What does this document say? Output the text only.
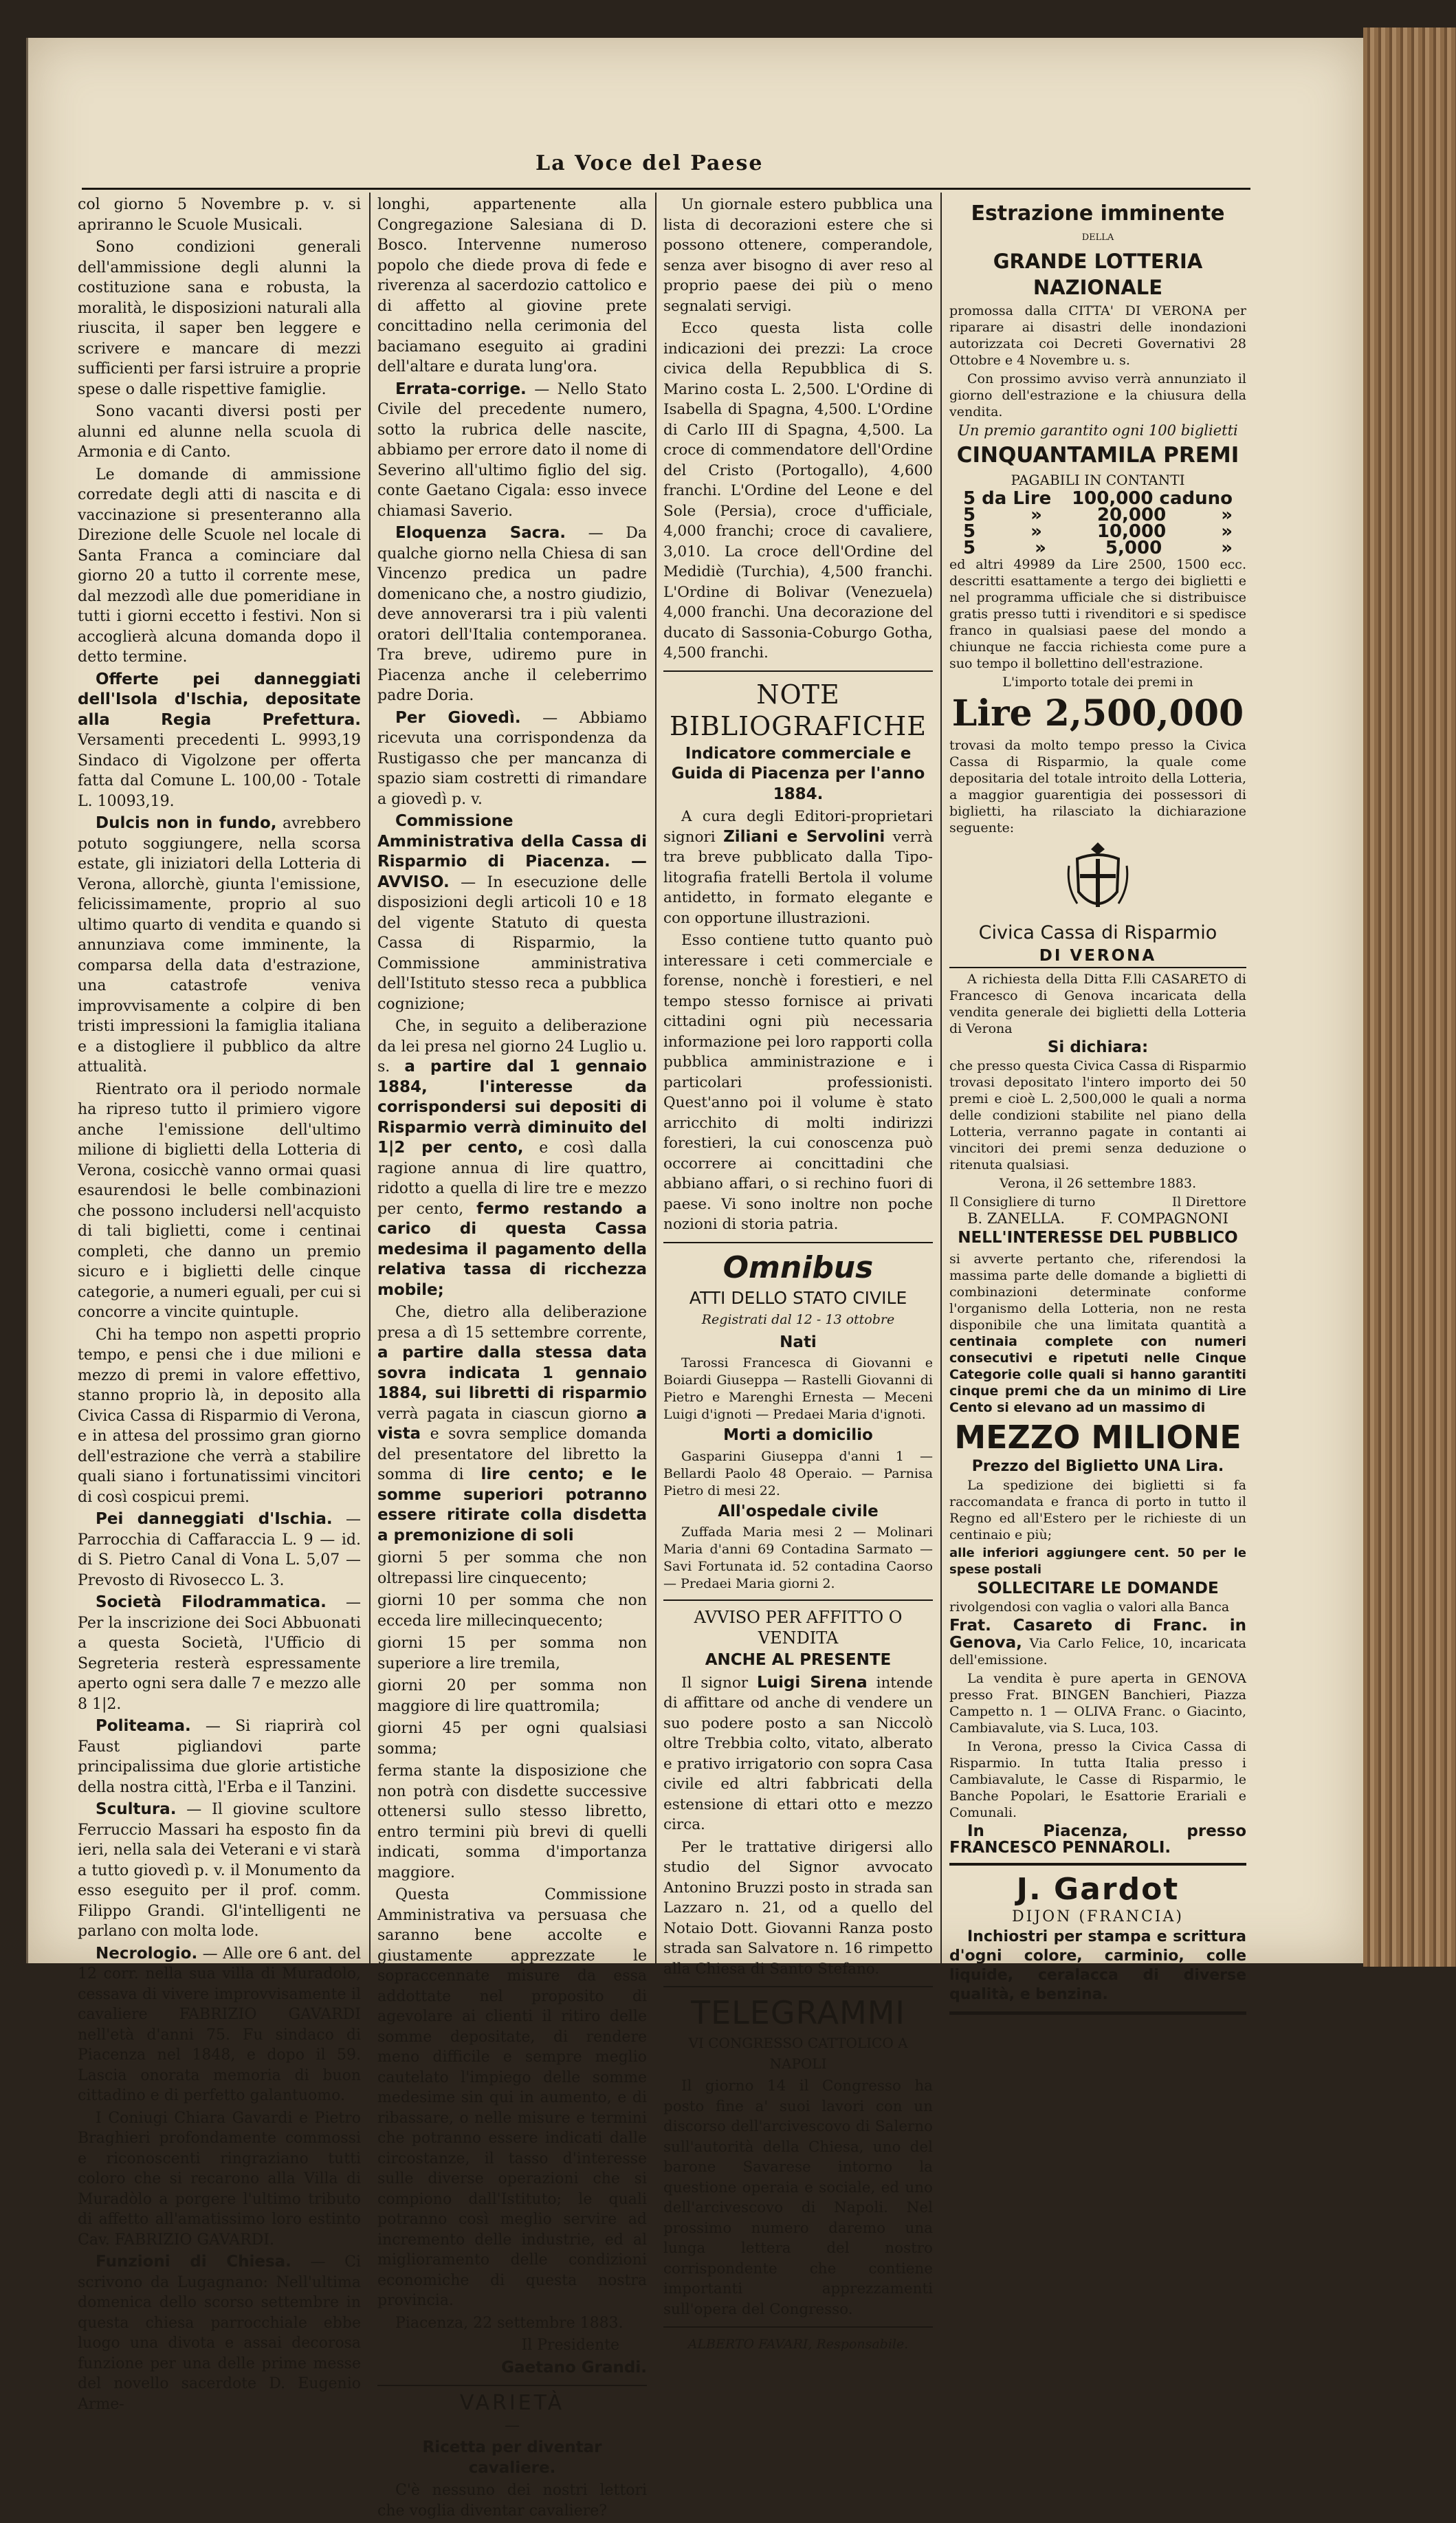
La Voce del Paese

col giorno 5 Novembre p. v. si apriranno le Scuole Musicali.

Sono condizioni generali dell'ammissione degli alunni la costituzione sana e robusta, la moralità, le disposizioni naturali alla riuscita, il saper ben leggere e scrivere e mancare di mezzi sufficienti per farsi istruire a proprie spese o dalle rispettive famiglie.

Sono vacanti diversi posti per alunni ed alunne nella scuola di Armonia e di Canto.

Le domande di ammissione corredate degli atti di nascita e di vaccinazione si presenteranno alla Direzione delle Scuole nel locale di Santa Franca a cominciare dal giorno 20 a tutto il corrente mese, dal mezzodì alle due pomeridiane in tutti i giorni eccetto i festivi. Non si accoglierà alcuna domanda dopo il detto termine.

Offerte pei danneggiati dell'Isola d'Ischia, depositate alla Regia Prefettura. Versamenti precedenti L. 9993,19 Sindaco di Vigolzone per offerta fatta dal Comune L. 100,00 - Totale L. 10093,19.

Dulcis non in fundo, avrebbero potuto soggiungere, nella scorsa estate, gli iniziatori della Lotteria di Verona, allorchè, giunta l'emissione, felicissimamente, proprio al suo ultimo quarto di vendita e quando si annunziava come imminente, la comparsa della data d'estrazione, una catastrofe veniva improvvisamente a colpire di ben tristi impressioni la famiglia italiana e a distogliere il pubblico da altre attualità.

Rientrato ora il periodo normale ha ripreso tutto il primiero vigore anche l'emissione dell'ultimo milione di biglietti della Lotteria di Verona, cosicchè vanno ormai quasi esaurendosi le belle combinazioni che possono includersi nell'acquisto di tali biglietti, come i centinai completi, che danno un premio sicuro e i biglietti delle cinque categorie, a numeri eguali, per cui si concorre a vincite quintuple.

Chi ha tempo non aspetti proprio tempo, e pensi che i due milioni e mezzo di premi in valore effettivo, stanno proprio là, in deposito alla Civica Cassa di Risparmio di Verona, e in attesa del prossimo gran giorno dell'estrazione che verrà a stabilire quali siano i fortunatissimi vincitori di così cospicui premi.

Pei danneggiati d'Ischia. — Parrocchia di Caffaraccia L. 9 — id. di S. Pietro Canal di Vona L. 5,07 — Prevosto di Rivosecco L. 3.

Società Filodrammatica. — Per la inscrizione dei Soci Abbuonati a questa Società, l'Ufficio di Segreteria resterà espressamente aperto ogni sera dalle 7 e mezzo alle 8 1|2.

Politeama. — Si riaprirà col Faust pigliandovi parte principalissima due glorie artistiche della nostra città, l'Erba e il Tanzini.

Scultura. — Il giovine scultore Ferruccio Massari ha esposto fin da ieri, nella sala dei Veterani e vi starà a tutto giovedì p. v. il Monumento da esso eseguito per il prof. comm. Filippo Grandi. Gl'intelligenti ne parlano con molta lode.

Necrologio. — Alle ore 6 ant. del 12 corr. nella sua villa di Muradolo, cessava di vivere improvvisamente il cavaliere FABRIZIO GAVARDI nell'età d'anni 75. Fu sindaco di Piacenza nel 1848, e dopo il 59. Lascia onorata memoria di buon cittadino e di perfetto galantuomo.

I Coniugi Chiara Gavardi e Pietro Braghieri profondamente commossi e riconoscenti ringraziano tutti coloro che si recarono alla Villa di Muradòlo a porgere l'ultimo tributo di affetto all'amatissimo loro estinto Cav. FABRIZIO GAVARDI.

Funzioni di Chiesa. — Ci scrivono da Lugagnano: Nell'ultima domenica dello scorso settembre in questa chiesa parrocchiale ebbe luogo una divota e assai decorosa funzione per una delle prime messe del novello sacerdote D. Eugenio Arme-

longhi, appartenente alla Congregazione Salesiana di D. Bosco. Intervenne numeroso popolo che diede prova di fede e riverenza al sacerdozio cattolico e di affetto al giovine prete concittadino nella cerimonia del baciamano eseguito ai gradini dell'altare e durata lung'ora.

Errata-corrige. — Nello Stato Civile del precedente numero, sotto la rubrica delle nascite, abbiamo per errore dato il nome di Severino all'ultimo figlio del sig. conte Gaetano Cigala: esso invece chiamasi Saverio.

Eloquenza Sacra. — Da qualche giorno nella Chiesa di san Vincenzo predica un padre domenicano che, a nostro giudizio, deve annoverarsi tra i più valenti oratori dell'Italia contemporanea. Tra breve, udiremo pure in Piacenza anche il celeberrimo padre Doria.

Per Giovedì. — Abbiamo ricevuta una corrispondenza da Rustigasso che per mancanza di spazio siam costretti di rimandare a giovedì p. v.

Commissione Amministrativa della Cassa di Risparmio di Piacenza. — AVVISO. — In esecuzione delle disposizioni degli articoli 10 e 18 del vigente Statuto di questa Cassa di Risparmio, la Commissione amministrativa dell'Istituto stesso reca a pubblica cognizione;

Che, in seguito a deliberazione da lei presa nel giorno 24 Luglio u. s. a partire dal 1 gennaio 1884, l'interesse da corrispondersi sui depositi di Risparmio verrà diminuito del 1|2 per cento, e così dalla ragione annua di lire quattro, ridotto a quella di lire tre e mezzo per cento, fermo restando a carico di questa Cassa medesima il pagamento della relativa tassa di ricchezza mobile;

Che, dietro alla deliberazione presa a dì 15 settembre corrente, a partire dalla stessa data sovra indicata 1 gennaio 1884, sui libretti di risparmio verrà pagata in ciascun giorno a vista e sovra semplice domanda del presentatore del libretto la somma di lire cento; e le somme superiori potranno essere ritirate colla disdetta a premonizione di soli

giorni 5 per somma che non oltrepassi lire cinquecento;

giorni 10 per somma che non ecceda lire millecinquecento;

giorni 15 per somma non superiore a lire tremila,

giorni 20 per somma non maggiore di lire quattromila;

giorni 45 per ogni qualsiasi somma;

ferma stante la disposizione che non potrà con disdette successive ottenersi sullo stesso libretto, entro termini più brevi di quelli indicati, somma d'importanza maggiore.

Questa Commissione Amministrativa va persuasa che saranno bene accolte e giustamente apprezzate le sopraccennate misure da essa addottate nel proposito di agevolare ai clienti il ritiro delle somme depositate, di rendere meno difficile e sempre meglio cautelato l'impiego delle somme medesime sin qui in aumento, e di ribassare, o nelle misure e termini che potranno essere indicati dalle circostanze, il tasso d'interesse sulle diverse operazioni che si compiono dall'Istituto; le quali potranno così meglio servire ad incremento delle industrie, ed al miglioramento delle condizioni economiche di questa nostra provincia.

Piacenza, 22 settembre 1883.

Il Presidente

Gaetano Grandi.

VARIETÀ

—

Ricetta per diventar cavaliere.

C'è nessuno dei nostri lettori che voglia diventar cavaliere?

Un giornale estero pubblica una lista di decorazioni estere che si possono ottenere, comperandole, senza aver bisogno di aver reso al proprio paese dei più o meno segnalati servigi.

Ecco questa lista colle indicazioni dei prezzi: La croce civica della Repubblica di S. Marino costa L. 2,500. L'Ordine di Isabella di Spagna, 4,500. L'Ordine di Carlo III di Spagna, 4,500. La croce di commendatore dell'Ordine del Cristo (Portogallo), 4,600 franchi. L'Ordine del Leone e del Sole (Persia), croce d'ufficiale, 4,000 franchi; croce di cavaliere, 3,010. La croce dell'Ordine del Medidiè (Turchia), 4,500 franchi. L'Ordine di Bolivar (Venezuela) 4,000 franchi. Una decorazione del ducato di Sassonia-Coburgo Gotha, 4,500 franchi.

NOTE BIBLIOGRAFICHE

Indicatore commerciale e Guida di Piacenza per l'anno 1884.

A cura degli Editori-proprietari signori Ziliani e Servolini verrà tra breve pubblicato dalla Tipo-litografia fratelli Bertola il volume antidetto, in formato elegante e con opportune illustrazioni.

Esso contiene tutto quanto può interessare i ceti commerciale e forense, nonchè i forestieri, e nel tempo stesso fornisce ai privati cittadini ogni più necessaria informazione pei loro rapporti colla pubblica amministrazione e i particolari professionisti. Quest'anno poi il volume è stato arricchito di molti indirizzi forestieri, la cui conoscenza può occorrere ai concittadini che abbiano affari, o si rechino fuori di paese. Vi sono inoltre non poche nozioni di storia patria.

Omnibus

ATTI DELLO STATO CIVILE

Registrati dal 12 - 13 ottobre

Nati

Tarossi Francesca di Giovanni e Boiardi Giuseppa — Rastelli Giovanni di Pietro e Marenghi Ernesta — Meceni Luigi d'ignoti — Predaei Maria d'ignoti.

Morti a domicilio

Gasparini Giuseppa d'anni 1 — Bellardi Paolo 48 Operaio. — Parnisa Pietro di mesi 22.

All'ospedale civile

Zuffada Maria mesi 2 — Molinari Maria d'anni 69 Contadina Sarmato — Savi Fortunata id. 52 contadina Caorso — Predaei Maria giorni 2.

AVVISO PER AFFITTO O VENDITA

ANCHE AL PRESENTE

Il signor Luigi Sirena intende di affittare od anche di vendere un suo podere posto a san Niccolò oltre Trebbia colto, vitato, alberato e prativo irrigatorio con sopra Casa civile ed altri fabbricati della estensione di ettari otto e mezzo circa.

Per le trattative dirigersi allo studio del Signor avvocato Antonino Bruzzi posto in strada san Lazzaro n. 21, od a quello del Notaio Dott. Giovanni Ranza posto strada san Salvatore n. 16 rimpetto alla Chiesa di Santo Stefano.

TELEGRAMMI

VI CONGRESSO CATTOLICO A NAPOLI

Il giorno 14 il Congresso ha posto fine a' suoi lavori con un discorso dell'arcivescovo di Salerno sull'autorità della Chiesa, uno del barone Savarese intorno la questione operaia e sociale, ed uno dell'arcivescovo di Napoli. Nel prossimo numero daremo una lunga lettera del nostro corrispondente che contiene importanti apprezzamenti sull'opera del Congresso.

ALBERTO FAVARI, Responsabile.

Estrazione imminente

DELLA

GRANDE LOTTERIA NAZIONALE

promossa dalla CITTA' DI VERONA per riparare ai disastri delle inondazioni autorizzata coi Decreti Governativi 28 Ottobre e 4 Novembre u. s.

Con prossimo avviso verrà annunziato il giorno dell'estrazione e la chiusura della vendita.

Un premio garantito ogni 100 biglietti

CINQUANTAMILA PREMI

PAGABILI IN CONTANTI

5 da Lire 100,000 caduno
5	»	20,000	»
5	»	10,000	»
5	»	5,000	»

ed altri 49989 da Lire 2500, 1500 ecc. descritti esattamente a tergo dei biglietti e nel programma ufficiale che si distribuisce gratis presso tutti i rivenditori e si spedisce franco in qualsiasi paese del mondo a chiunque ne faccia richiesta come pure a suo tempo il bollettino dell'estrazione.

L'importo totale dei premi in

Lire 2,500,000

trovasi da molto tempo presso la Civica Cassa di Risparmio, la quale come depositaria del totale introito della Lotteria, a maggior guarentigia dei possessori di biglietti, ha rilasciato la dichiarazione seguente:

Civica Cassa di Risparmio

DI VERONA

A richiesta della Ditta F.lli CASARETO di Francesco di Genova incaricata della vendita generale dei biglietti della Lotteria di Verona

Si dichiara:

che presso questa Civica Cassa di Risparmio trovasi depositato l'intero importo dei 50 premi e cioè L. 2,500,000 le quali a norma delle condizioni stabilite nel piano della Lotteria, verranno pagate in contanti ai vincitori dei premi senza deduzione o ritenuta qualsiasi.

Verona, il 26 settembre 1883.

Il Consigliere di turno	Il Direttore
B. ZANELLA. F. COMPAGNONI

NELL'INTERESSE DEL PUBBLICO

si avverte pertanto che, riferendosi la massima parte delle domande a biglietti di combinazioni determinate conforme l'organismo della Lotteria, non ne resta disponibile che una limitata quantità a centinaia complete con numeri consecutivi e ripetuti nelle Cinque Categorie colle quali si hanno garantiti cinque premi che da un minimo di Lire Cento si elevano ad un massimo di

MEZZO MILIONE

Prezzo del Biglietto UNA Lira.

La spedizione dei biglietti si fa raccomandata e franca di porto in tutto il Regno ed all'Estero per le richieste di un centinaio e più;

alle inferiori aggiungere cent. 50 per le spese postali

SOLLECITARE LE DOMANDE

rivolgendosi con vaglia o valori alla Banca

Frat. Casareto di Franc. in Genova, Via Carlo Felice, 10, incaricata dell'emissione.

La vendita è pure aperta in GENOVA presso Frat. BINGEN Banchieri, Piazza Campetto n. 1 — OLIVA Franc. o Giacinto, Cambiavalute, via S. Luca, 103.

In Verona, presso la Civica Cassa di Risparmio. In tutta Italia presso i Cambiavalute, le Casse di Risparmio, le Banche Popolari, le Esattorie Erariali e Comunali.

In Piacenza, presso FRANCESCO PENNAROLI.

J. Gardot

DIJON (FRANCIA)

Inchiostri per stampa e scrittura d'ogni colore, carminio, colle liquide, ceralacca di diverse qualità, e benzina.
